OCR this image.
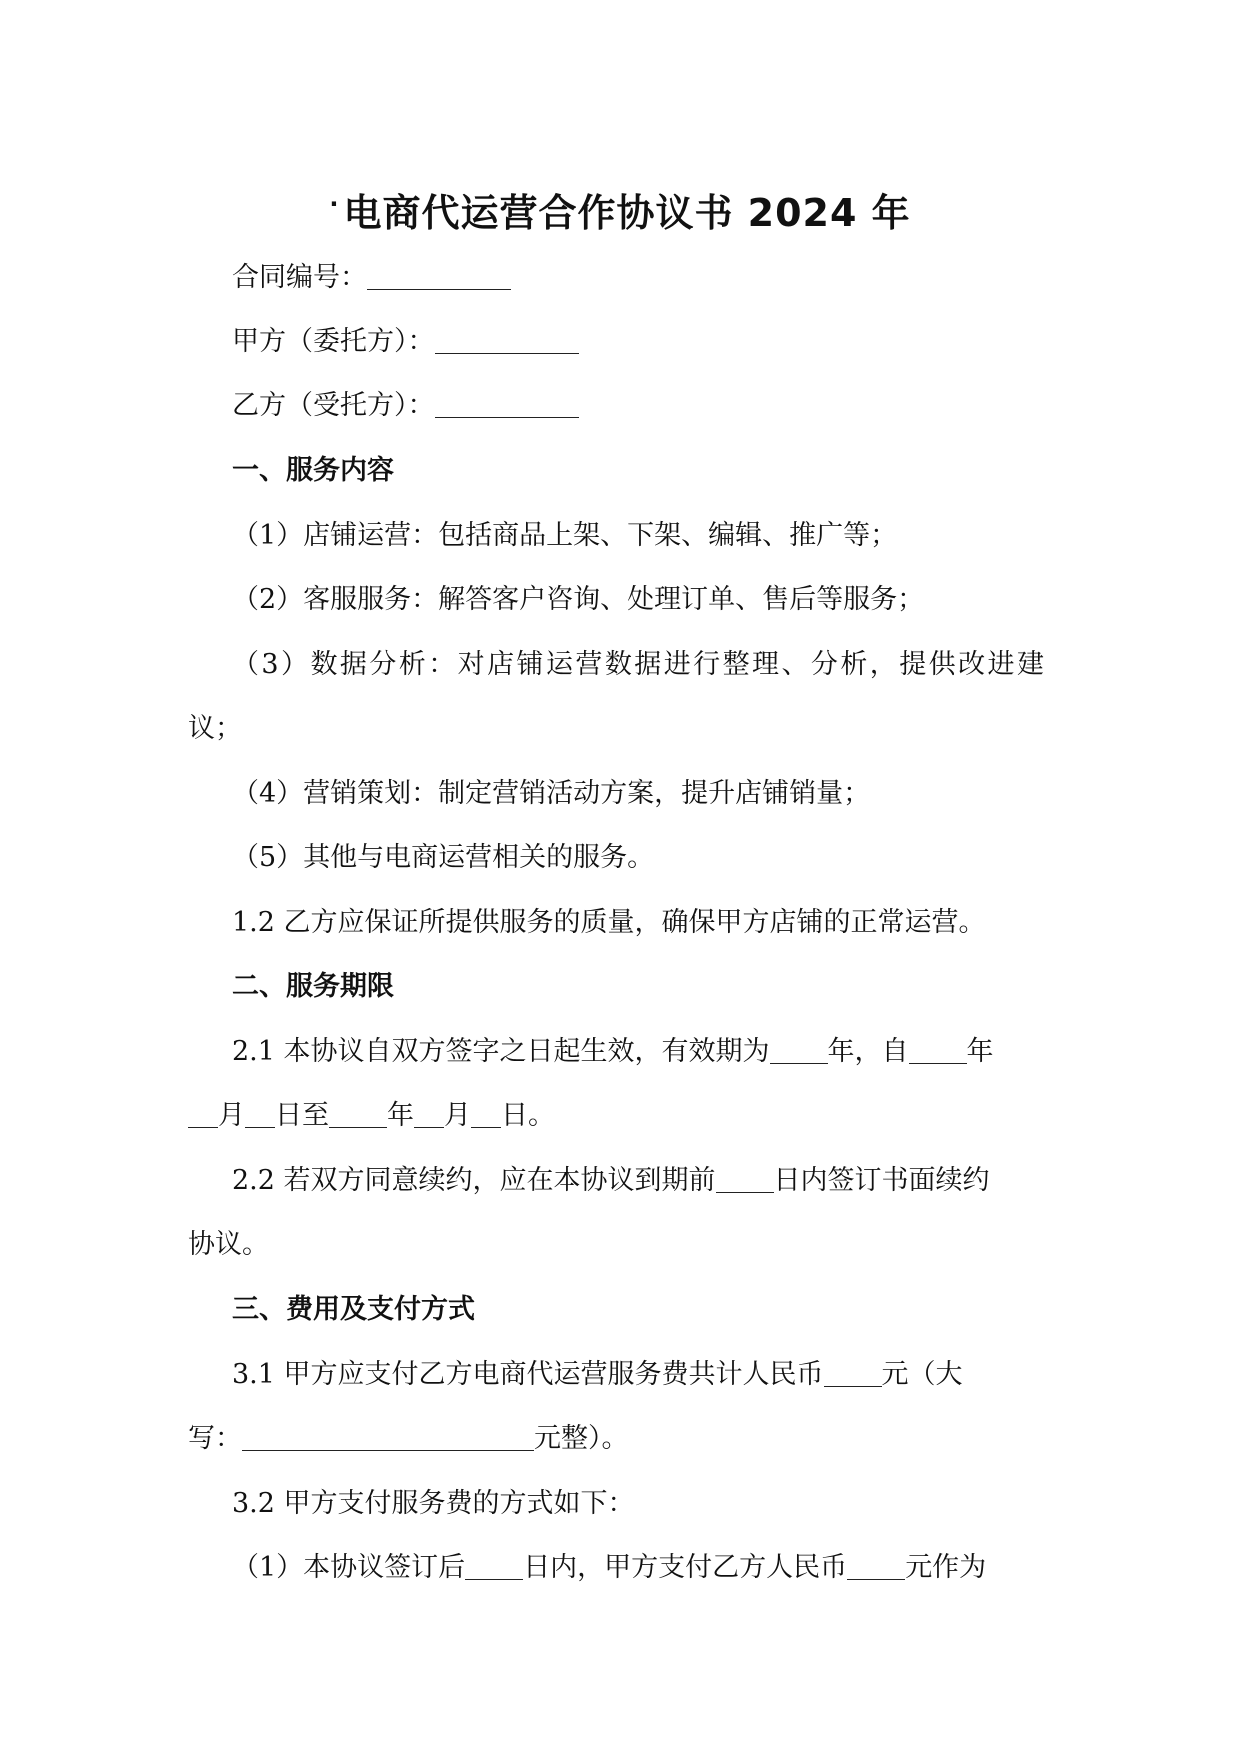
· 电商代运营合作协议书 2024 年
合同编号：
甲方（委托方）：
乙方（受托方）：
一、服务内容
（1）店铺运营：包括商品上架、下架、编辑、推广等；
（2）客服服务：解答客户咨询、处理订单、售后等服务；
（3）数据分析：对店铺运营数据进行整理、分析，提供改进建
议；
（4）营销策划：制定营销活动方案，提升店铺销量；
（5）其他与电商运营相关的服务。
1.2 乙方应保证所提供服务的质量，确保甲方店铺的正常运营。
二、服务期限
2.1 本协议自双方签字之日起生效，有效期为 年，自 年
月 日至 年 月 日。
2.2 若双方同意续约，应在本协议到期前 日内签订书面续约
协议。
三、费用及支付方式
3.1 甲方应支付乙方电商代运营服务费共计人民币 元（大
写：	元整）。
3.2 甲方支付服务费的方式如下：
（1）本协议签订后 日内，甲方支付乙方人民币 元作为
